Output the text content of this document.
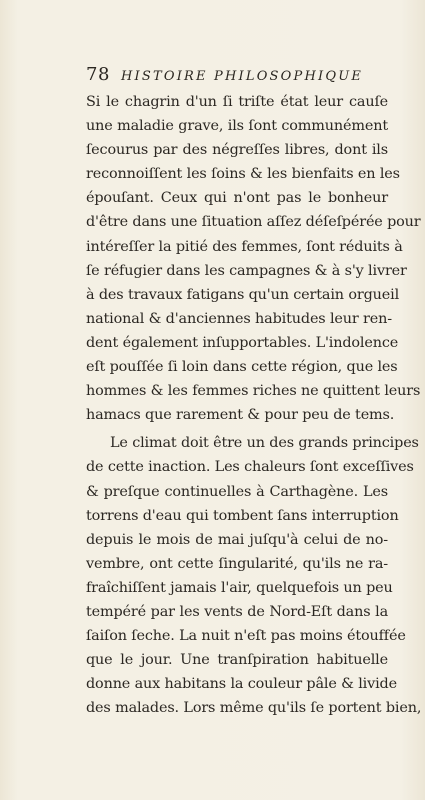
78 HISTOIRE PHILOSOPHIQUE
Si le chagrin d'un ſi triſte état leur cauſe
une maladie grave, ils ſont communément
ſecourus par des négreſſes libres, dont ils
reconnoiſſent les ſoins & les bienfaits en les
épouſant. Ceux qui n'ont pas le bonheur
d'être dans une ſituation aſſez déſeſpérée pour
intéreſſer la pitié des femmes, ſont réduits à
ſe réfugier dans les campagnes & à s'y livrer
à des travaux fatigans qu'un certain orgueil
national & d'anciennes habitudes leur ren-
dent également inſupportables. L'indolence
eſt pouſſée ſi loin dans cette région, que les
hommes & les femmes riches ne quittent leurs
hamacs que rarement & pour peu de tems.
Le climat doit être un des grands principes
de cette inaction. Les chaleurs ſont exceſſives
& preſque continuelles à Carthagène. Les
torrens d'eau qui tombent ſans interruption
depuis le mois de mai juſqu'à celui de no-
vembre, ont cette ſingularité, qu'ils ne ra-
fraîchiſſent jamais l'air, quelquefois un peu
tempéré par les vents de Nord-Eſt dans la
ſaiſon ſeche. La nuit n'eſt pas moins étouffée
que le jour. Une tranſpiration habituelle
donne aux habitans la couleur pâle & livide
des malades. Lors même qu'ils ſe portent bien,
